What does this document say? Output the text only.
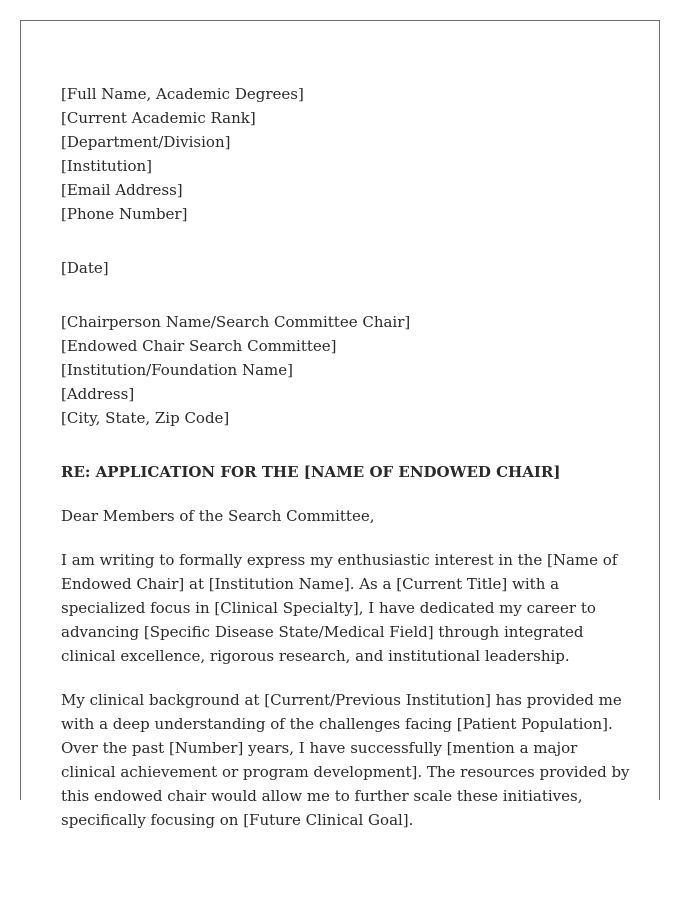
[Full Name, Academic Degrees]
[Current Academic Rank]
[Department/Division]
[Institution]
[Email Address]
[Phone Number]
[Date]
[Chairperson Name/Search Committee Chair]
[Endowed Chair Search Committee]
[Institution/Foundation Name]
[Address]
[City, State, Zip Code]
RE: APPLICATION FOR THE [NAME OF ENDOWED CHAIR]
Dear Members of the Search Committee,

I am writing to formally express my enthusiastic interest in the [Name of Endowed Chair] at [Institution Name]. As a [Current Title] with a specialized focus in [Clinical Specialty], I have dedicated my career to advancing [Specific Disease State/Medical Field] through integrated clinical excellence, rigorous research, and institutional leadership.

My clinical background at [Current/Previous Institution] has provided me with a deep understanding of the challenges facing [Patient Population]. Over the past [Number] years, I have successfully [mention a major clinical achievement or program development]. The resources provided by this endowed chair would allow me to further scale these initiatives, specifically focusing on [Future Clinical Goal].
